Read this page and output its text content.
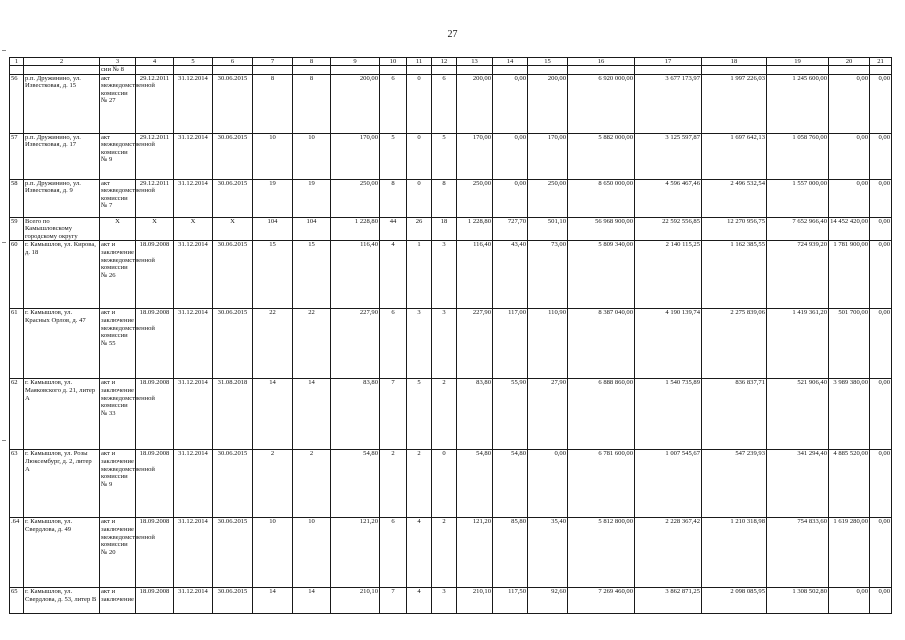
27
1	2	3	4	5	6	7	8	9	10	11	12	13	14	15	16	17	18	19	20	21
		сии № 8																		
56	р.п. Дружинино, ул. Известковая, д. 15	акт межведомственной комиссии № 27	29.12.2011	31.12.2014	30.06.2015	8	8	200,00	6	0	6	200,00	0,00	200,00	6 920 000,00	3 677 173,97	1 997 226,03	1 245 600,00	0,00	0,00
57	р.п. Дружинино, ул. Известковая, д. 17	акт межведомственной комиссии № 9	29.12.2011	31.12.2014	30.06.2015	10	10	170,00	5	0	5	170,00	0,00	170,00	5 882 000,00	3 125 597,87	1 697 642,13	1 058 760,00	0,00	0,00
58	р.п. Дружинино, ул. Известковая, д. 9	акт межведомственной комиссии № 7	29.12.2011	31.12.2014	30.06.2015	19	19	250,00	8	0	8	250,00	0,00	250,00	8 650 000,00	4 596 467,46	2 496 532,54	1 557 000,00	0,00	0,00
59	Всего по Камышловскому городскому округу	X	X	X	X	104	104	1 228,80	44	26	18	1 228,80	727,70	501,10	56 968 900,00	22 592 556,85	12 270 956,75	7 652 966,40	14 452 420,00	0,00
60	г. Камышлов, ул. Кирова, д. 18	акт и заключение межведомственной комиссии № 26	18.09.2008	31.12.2014	30.06.2015	15	15	116,40	4	1	3	116,40	43,40	73,00	5 809 340,00	2 140 115,25	1 162 385,55	724 939,20	1 781 900,00	0,00
61	г. Камышлов, ул. Красных Орлов, д. 47	акт и заключение межведомственной комиссии № 55	18.09.2008	31.12.2014	30.06.2015	22	22	227,90	6	3	3	227,90	117,00	110,90	8 387 040,00	4 190 139,74	2 275 839,06	1 419 361,20	501 700,00	0,00
62	г. Камышлов, ул. Маяковского д. 21, литер А	акт и заключение межведомственной комиссии № 33	18.09.2008	31.12.2014	31.08.2018	14	14	83,80	7	5	2	83,80	55,90	27,90	6 888 860,00	1 540 735,89	836 837,71	521 906,40	3 989 380,00	0,00
63	г. Камышлов, ул. Розы Люксембург, д. 2, литер А	акт и заключение межведомственной комиссии № 9	18.09.2008	31.12.2014	30.06.2015	2	2	54,80	2	2	0	54,80	54,80	0,00	6 781 600,00	1 007 545,67	547 239,93	341 294,40	4 885 520,00	0,00
.64	г. Камышлов, ул. Свердлова, д. 49	акт и заключение межведомственной комиссии № 20	18.09.2008	31.12.2014	30.06.2015	10	10	121,20	6	4	2	121,20	85,80	35,40	5 812 800,00	2 228 367,42	1 210 318,98	754 833,60	1 619 280,00	0,00
65	г. Камышлов, ул. Свердлова, д. 53, литер В	акт и заключение	18.09.2008	31.12.2014	30.06.2015	14	14	210,10	7	4	3	210,10	117,50	92,60	7 269 460,00	3 862 871,25	2 098 085,95	1 308 502,80	0,00	0,00
